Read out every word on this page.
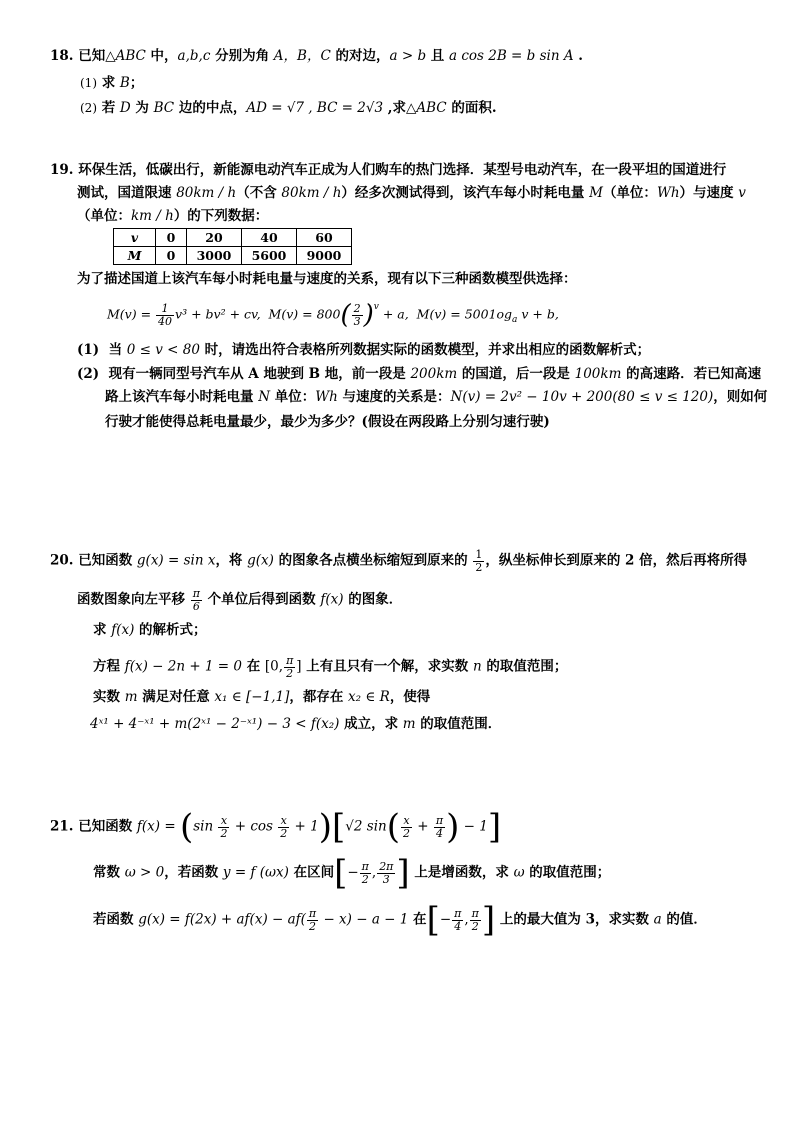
18. 已知△ABC 中，a,b,c 分别为角 A，B，C 的对边，a > b 且 a cos 2B = b sin A .
(1) 求 B；
(2) 若 D 为 BC 边的中点，AD = √7 , BC = 2√3 ,求△ABC 的面积.
19. 环保生活，低碳出行，新能源电动汽车正成为人们购车的热门选择．某型号电动汽车，在一段平坦的国道进行
测试，国道限速 80km / h（不含 80km / h）经多次测试得到，该汽车每小时耗电量 M（单位：Wh）与速度 v
（单位：km / h）的下列数据：
v	0	20	40	60
M	0	3000	5600	9000
为了描述国道上该汽车每小时耗电量与速度的关系，现有以下三种函数模型供选择：
$M(v) = \frac{1}{40} v^3 + bv^2$ + cv, $M(v) = 800( \frac{2}{3} )^v + a$, $M(v) = 5001og_a$ v + b,
(1) 当 0 ≤ v < 80 时，请选出符合表格所列数据实际的函数模型，并求出相应的函数解析式；
(2) 现有一辆同型号汽车从 A 地驶到 B 地，前一段是 200km 的国道，后一段是 100km 的高速路．若已知高速
路上该汽车每小时耗电量 N 单位：Wh 与速度的关系是：N(v) = 2v² − 10v + 200(80 ≤ v ≤ 120)，则如何
行驶才能使得总耗电量最少，最少为多少？(假设在两段路上分别匀速行驶)
20. 已知函数 g(x) = sin x，将 g(x) 的图象各点横坐标缩短到原来的 $\frac{1}{2}$ ，纵坐标伸长到原来的 2 倍，然后再将所得
函数图象向左平移 $\frac{\pi}{6}$ 个单位后得到函数 f(x) 的图象．
求 f(x) 的解析式；
方程 f(x) − 2n + 1 = 0 在 [0, $\frac{\pi}{2}$ ] 上有且只有一个解，求实数 n 的取值范围；
实数 m 满足对任意 x₁ ∈ [−1,1]，都存在 x₂ ∈ R，使得
4ˣ¹ + 4⁻ˣ¹ + m(2ˣ¹ − 2⁻ˣ¹) − 3 < f(x₂) 成立，求 m 的取值范围．
21. 已知函数 $f(x) = (\sin \frac{x}{2} + \cos \frac{x}{2} + 1)[√2$ $\sin( \frac{x}{2} + \frac{\pi}{4}$ ) − 1]
常数 ω > 0，若函数 y = f (ωx) 在区间[− $\frac{\pi}{2}$ , $\frac{2\pi}{3}$ ] 上是增函数，求 ω 的取值范围；
若函数 $g(x) = f(2x) + af(x) - af( \frac{\pi}{2} - x) - a - 1$ 在[− $\frac{\pi}{4}$ , $\frac{\pi}{2}$ ] 上的最大值为 3，求实数 a 的值．
